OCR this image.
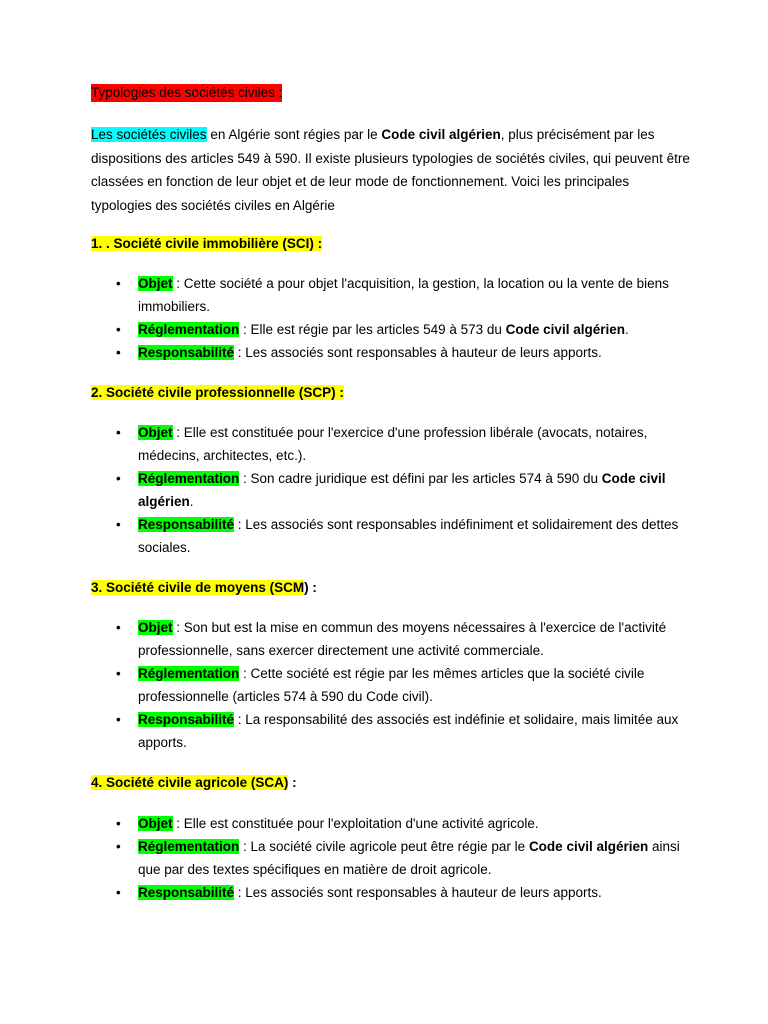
Typologies des sociétés civiles :

Les sociétés civiles en Algérie sont régies par le Code civil algérien, plus précisément par les dispositions des articles 549 à 590. Il existe plusieurs typologies de sociétés civiles, qui peuvent être classées en fonction de leur objet et de leur mode de fonctionnement. Voici les principales typologies des sociétés civiles en Algérie

1. . Société civile immobilière (SCI) :

• Objet : Cette société a pour objet l'acquisition, la gestion, la location ou la vente de biens immobiliers.
• Réglementation : Elle est régie par les articles 549 à 573 du Code civil algérien.
• Responsabilité : Les associés sont responsables à hauteur de leurs apports.

2. Société civile professionnelle (SCP) :

• Objet : Elle est constituée pour l'exercice d'une profession libérale (avocats, notaires, médecins, architectes, etc.).
• Réglementation : Son cadre juridique est défini par les articles 574 à 590 du Code civil algérien.
• Responsabilité : Les associés sont responsables indéfiniment et solidairement des dettes sociales.

3. Société civile de moyens (SCM) :

• Objet : Son but est la mise en commun des moyens nécessaires à l'exercice de l'activité professionnelle, sans exercer directement une activité commerciale.
• Réglementation : Cette société est régie par les mêmes articles que la société civile professionnelle (articles 574 à 590 du Code civil).
• Responsabilité : La responsabilité des associés est indéfinie et solidaire, mais limitée aux apports.

4. Société civile agricole (SCA) :

• Objet : Elle est constituée pour l'exploitation d'une activité agricole.
• Réglementation : La société civile agricole peut être régie par le Code civil algérien ainsi que par des textes spécifiques en matière de droit agricole.
• Responsabilité : Les associés sont responsables à hauteur de leurs apports.
